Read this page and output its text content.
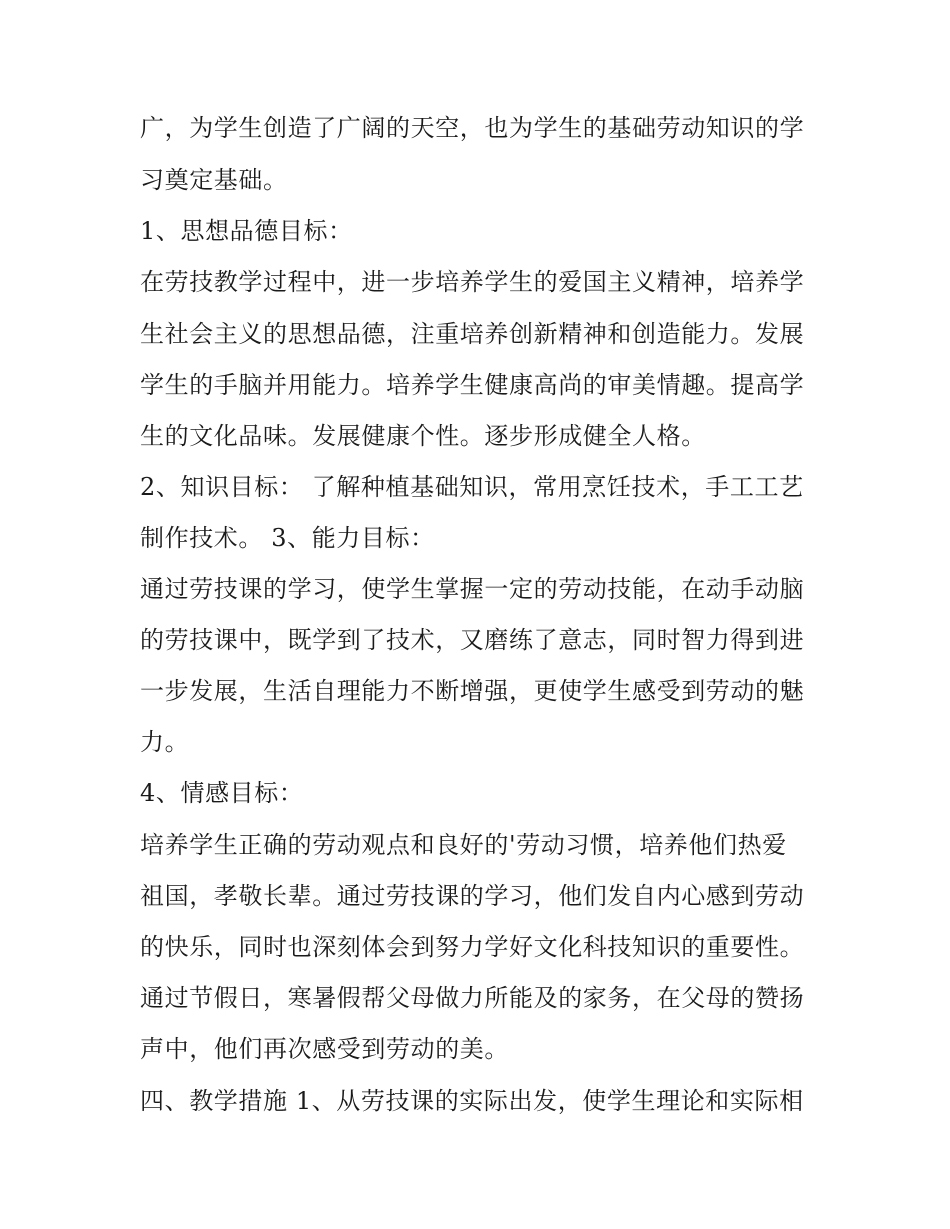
广，为学生创造了广阔的天空，也为学生的基础劳动知识的学
习奠定基础。
1、思想品德目标：
在劳技教学过程中，进一步培养学生的爱国主义精神，培养学
生社会主义的思想品德，注重培养创新精神和创造能力。发展
学生的手脑并用能力。培养学生健康高尚的审美情趣。提高学
生的文化品味。发展健康个性。逐步形成健全人格。
2、知识目标： 了解种植基础知识，常用烹饪技术，手工工艺
制作技术。 3、能力目标：
通过劳技课的学习，使学生掌握一定的劳动技能，在动手动脑
的劳技课中，既学到了技术，又磨练了意志，同时智力得到进
一步发展，生活自理能力不断增强，更使学生感受到劳动的魅
力。
4、情感目标：
培养学生正确的劳动观点和良好的'劳动习惯，培养他们热爱
祖国，孝敬长辈。通过劳技课的学习，他们发自内心感到劳动
的快乐，同时也深刻体会到努力学好文化科技知识的重要性。
通过节假日，寒暑假帮父母做力所能及的家务，在父母的赞扬
声中，他们再次感受到劳动的美。
四、教学措施 1、从劳技课的实际出发，使学生理论和实际相
